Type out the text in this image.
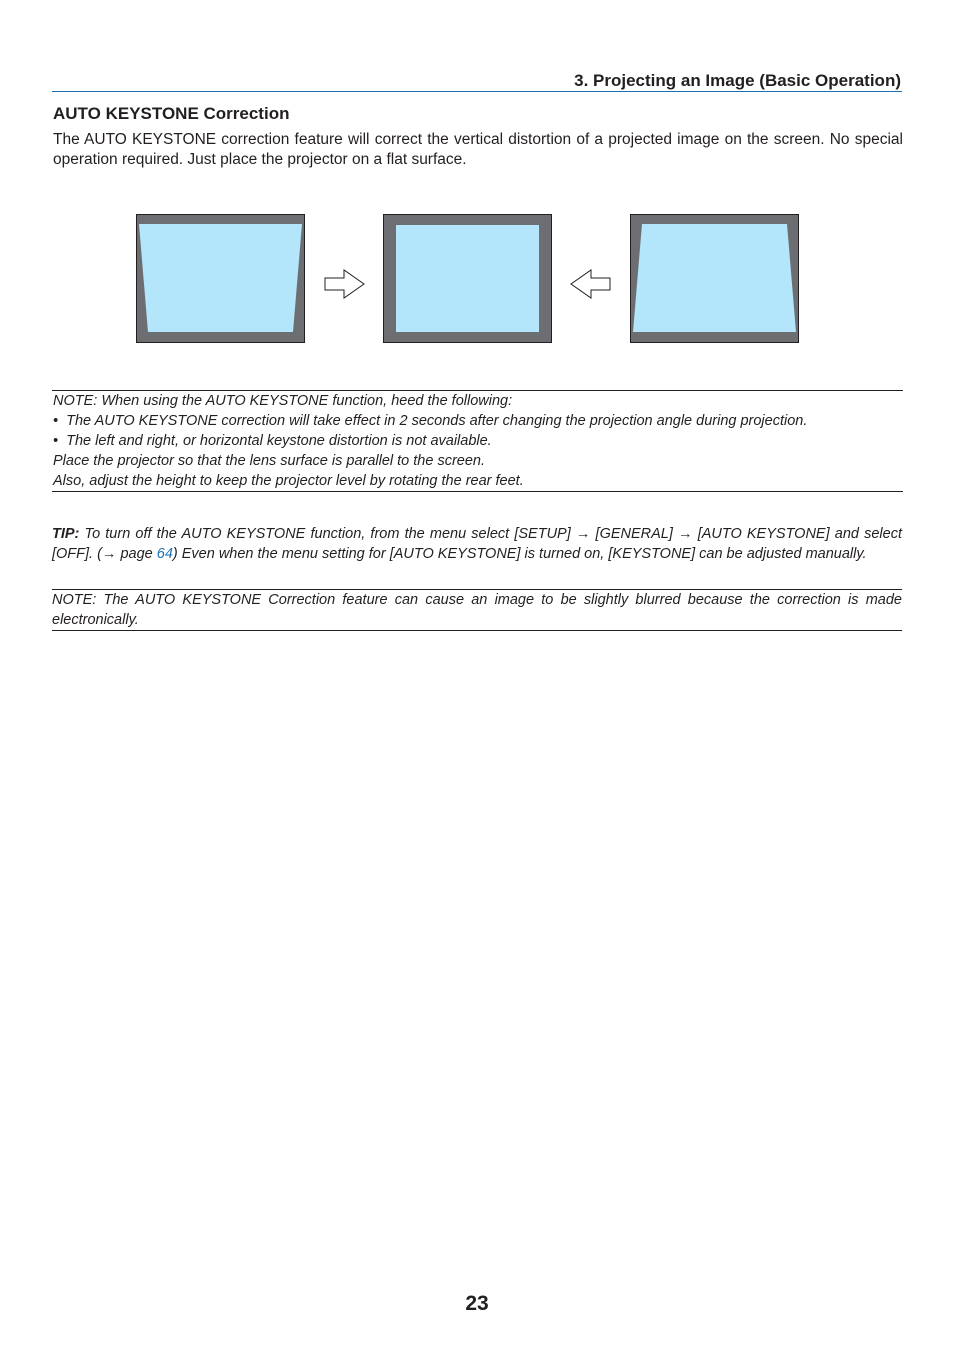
3. Projecting an Image (Basic Operation)
AUTO KEYSTONE Correction
The AUTO KEYSTONE correction feature will correct the vertical distortion of a projected image on the screen. No special operation required. Just place the projector on a flat surface.
NOTE: When using the AUTO KEYSTONE function, heed the following:
•  The AUTO KEYSTONE correction will take effect in 2 seconds after changing the projection angle during projection.
•  The left and right, or horizontal keystone distortion is not available.
Place the projector so that the lens surface is parallel to the screen.
Also, adjust the height to keep the projector level by rotating the rear feet.
TIP: To turn off the AUTO KEYSTONE function, from the menu select [SETUP] → [GENERAL] → [AUTO KEYSTONE] and select [OFF]. (→ page 64) Even when the menu setting for [AUTO KEYSTONE] is turned on, [KEYSTONE] can be adjusted manually.
NOTE: The AUTO KEYSTONE Correction feature can cause an image to be slightly blurred because the correction is made electronically.
23
